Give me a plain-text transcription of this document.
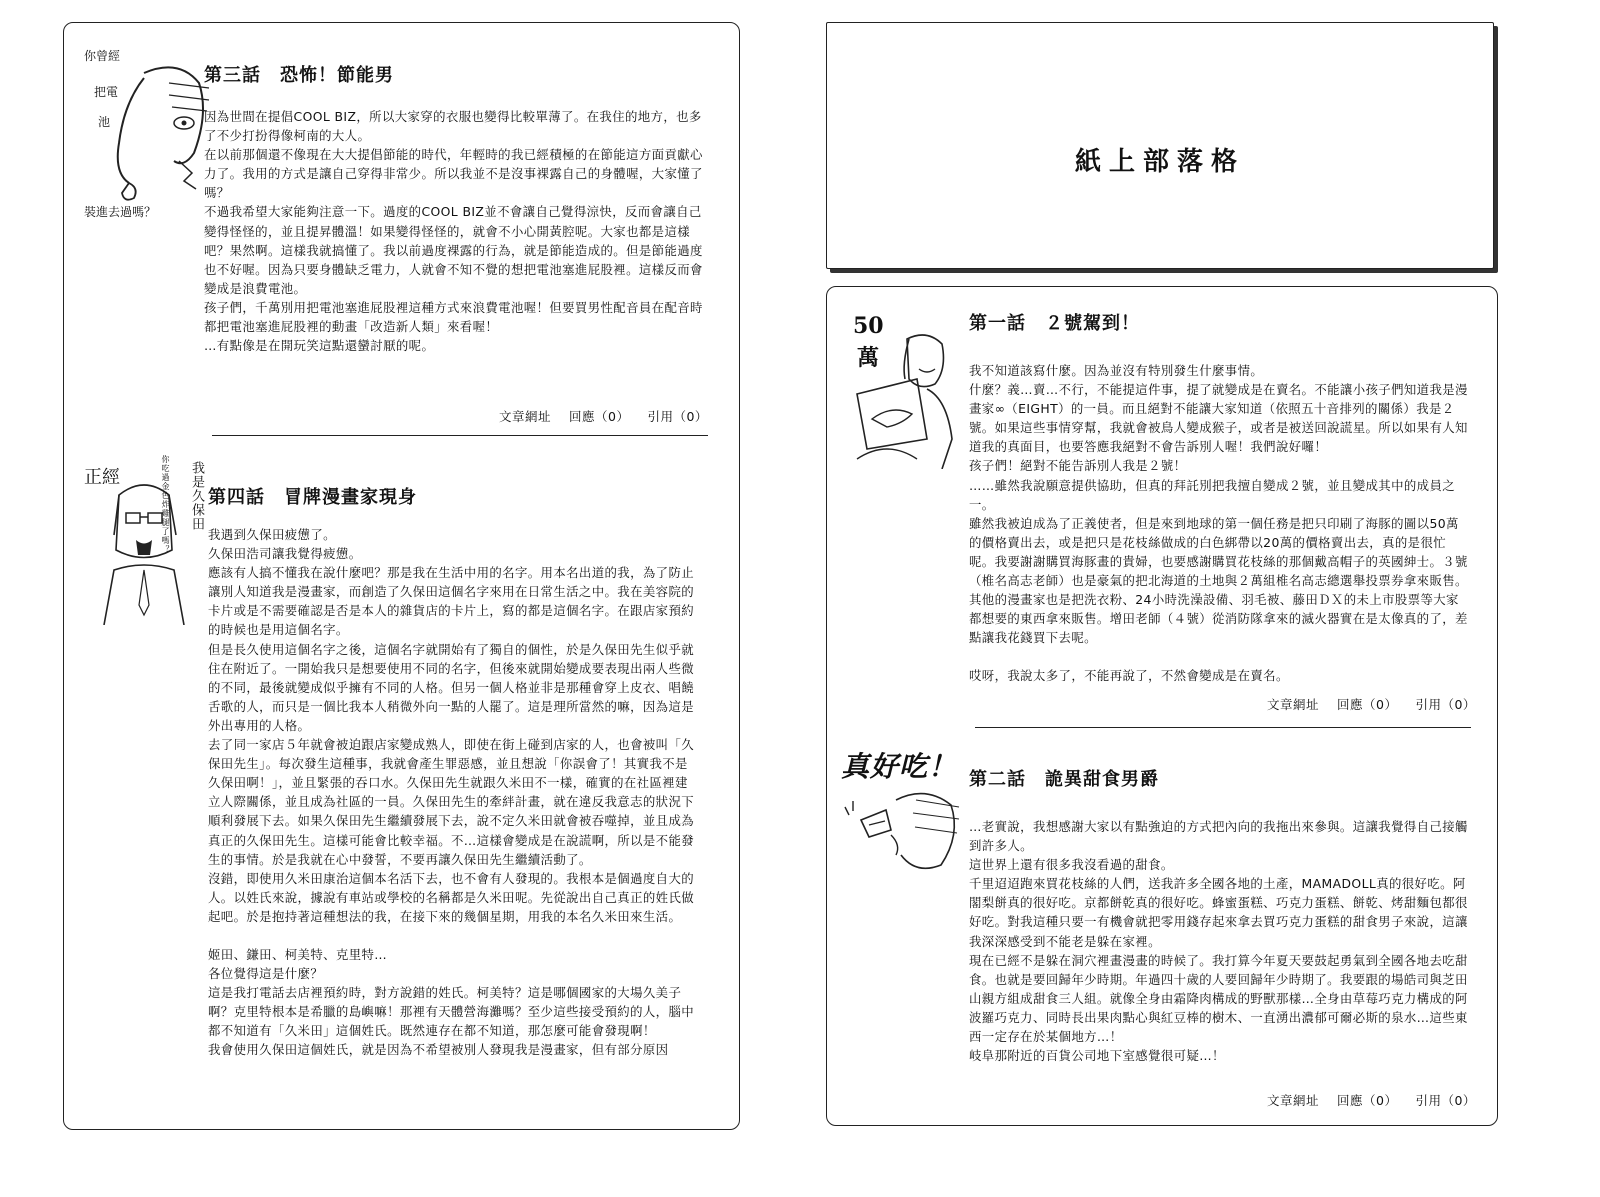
你曾經
把電
池
裝進去過嗎？
第三話　恐怖！節能男

因為世間在提倡COOL BIZ，所以大家穿的衣服也變得比較單薄了。在我住的地方，也多了不少打扮得像柯南的大人。

在以前那個還不像現在大大提倡節能的時代，年輕時的我已經積極的在節能這方面貢獻心力了。我用的方式是讓自己穿得非常少。所以我並不是沒事裸露自己的身體喔，大家懂了嗎？

不過我希望大家能夠注意一下。過度的COOL BIZ並不會讓自己覺得涼快，反而會讓自己變得怪怪的，並且提昇體溫！如果變得怪怪的，就會不小心開黃腔呢。大家也都是這樣吧？果然啊。這樣我就搞懂了。我以前過度裸露的行為，就是節能造成的。但是節能過度也不好喔。因為只要身體缺乏電力，人就會不知不覺的想把電池塞進屁股裡。這樣反而會變成是浪費電池。

孩子們，千萬別用把電池塞進屁股裡這種方式來浪費電池喔！但要買男性配音員在配音時都把電池塞進屁股裡的動畫「改造新人類」來看喔！

…有點像是在開玩笑這點還蠻討厭的呢。

文章網址 回應（0） 引用（0）
正經	我是久保田
你吃過金色炸雞腿了嗎？ 第四話　冒牌漫畫家現身

我遇到久保田疲憊了。

久保田浩司讓我覺得疲憊。

應該有人搞不懂我在說什麼吧？那是我在生活中用的名字。用本名出道的我，為了防止讓別人知道我是漫畫家，而創造了久保田這個名字來用在日常生活之中。我在美容院的卡片或是不需要確認是否是本人的雜貨店的卡片上，寫的都是這個名字。在跟店家預約的時候也是用這個名字。

但是長久使用這個名字之後，這個名字就開始有了獨自的個性，於是久保田先生似乎就住在附近了。一開始我只是想要使用不同的名字，但後來就開始變成要表現出兩人些微的不同，最後就變成似乎擁有不同的人格。但另一個人格並非是那種會穿上皮衣、唱饒舌歌的人，而只是一個比我本人稍微外向一點的人罷了。這是理所當然的嘛，因為這是外出專用的人格。

去了同一家店５年就會被迫跟店家變成熟人，即使在街上碰到店家的人，也會被叫「久保田先生」。每次發生這種事，我就會產生罪惡感，並且想說「你誤會了！其實我不是久保田啊！」，並且緊張的吞口水。久保田先生就跟久米田不一樣，確實的在社區裡建立人際關係，並且成為社區的一員。久保田先生的牽絆計畫，就在違反我意志的狀況下順利發展下去。如果久保田先生繼續發展下去，說不定久米田就會被吞噬掉，並且成為真正的久保田先生。這樣可能會比較幸福。不…這樣會變成是在說謊啊，所以是不能發生的事情。於是我就在心中發誓，不要再讓久保田先生繼續活動了。

沒錯，即使用久米田康治這個本名活下去，也不會有人發現的。我根本是個過度自大的人。以姓氏來說，據說有車站或學校的名稱都是久米田呢。先從說出自己真正的姓氏做起吧。於是抱持著這種想法的我，在接下來的幾個星期，用我的本名久米田來生活。

姬田、鎌田、柯美特、克里特…

各位覺得這是什麼？

這是我打電話去店裡預約時，對方說錯的姓氏。柯美特？這是哪個國家的大場久美子啊？克里特根本是希臘的島嶼嘛！那裡有天體營海灘嗎？至少這些接受預約的人，腦中都不知道有「久米田」這個姓氏。既然連存在都不知道，那怎麼可能會發現啊！

我會使用久保田這個姓氏，就是因為不希望被別人發現我是漫畫家，但有部分原因

紙上部落格
50
萬
第一話　２號駕到！

我不知道該寫什麼。因為並沒有特別發生什麼事情。

什麼？義…賣…不行，不能提這件事，提了就變成是在賣名。不能讓小孩子們知道我是漫畫家∞（EIGHT）的一員。而且絕對不能讓大家知道（依照五十音排列的關係）我是２號。如果這些事情穿幫，我就會被鳥人變成猴子，或者是被送回說謊星。所以如果有人知道我的真面目，也要答應我絕對不會告訴別人喔！我們說好囉！

孩子們！絕對不能告訴別人我是２號！

……雖然我說願意提供協助，但真的拜託別把我擅自變成２號，並且變成其中的成員之一。

雖然我被迫成為了正義使者，但是來到地球的第一個任務是把只印刷了海豚的圖以50萬的價格賣出去，或是把只是花枝絲做成的白色綁帶以20萬的價格賣出去，真的是很忙呢。我要謝謝購買海豚畫的貴婦，也要感謝購買花枝絲的那個戴高帽子的英國紳士。３號（椎名高志老師）也是豪氣的把北海道的土地與２萬組椎名高志總選舉投票券拿來販售。其他的漫畫家也是把洗衣粉、24小時洗澡設備、羽毛被、藤田ＤＸ的未上市股票等大家都想要的東西拿來販售。增田老師（４號）從消防隊拿來的滅火器實在是太像真的了，差點讓我花錢買下去呢。

哎呀，我說太多了，不能再說了，不然會變成是在賣名。

文章網址 回應（0） 引用（0）
真好吃！ 第二話　詭異甜食男爵

…老實說，我想感謝大家以有點強迫的方式把內向的我拖出來參與。這讓我覺得自己接觸到許多人。

這世界上還有很多我沒看過的甜食。

千里迢迢跑來買花枝絲的人們，送我許多全國各地的土產，MAMADOLL真的很好吃。阿閣梨餅真的很好吃。京都餅乾真的很好吃。蜂蜜蛋糕、巧克力蛋糕、餅乾、烤甜麵包都很好吃。對我這種只要一有機會就把零用錢存起來拿去買巧克力蛋糕的甜食男子來說，這讓我深深感受到不能老是躲在家裡。

現在已經不是躲在洞穴裡畫漫畫的時候了。我打算今年夏天要鼓起勇氣到全國各地去吃甜食。也就是要回歸年少時期。年過四十歲的人要回歸年少時期了。我要跟的場皓司與芝田山親方組成甜食三人組。就像全身由霜降肉構成的野獸那樣…全身由草莓巧克力構成的阿波羅巧克力、同時長出果肉點心與紅豆棒的樹木、一直湧出濃郁可爾必斯的泉水…這些東西一定存在於某個地方…！

岐阜那附近的百貨公司地下室感覺很可疑…！

文章網址 回應（0） 引用（0）
